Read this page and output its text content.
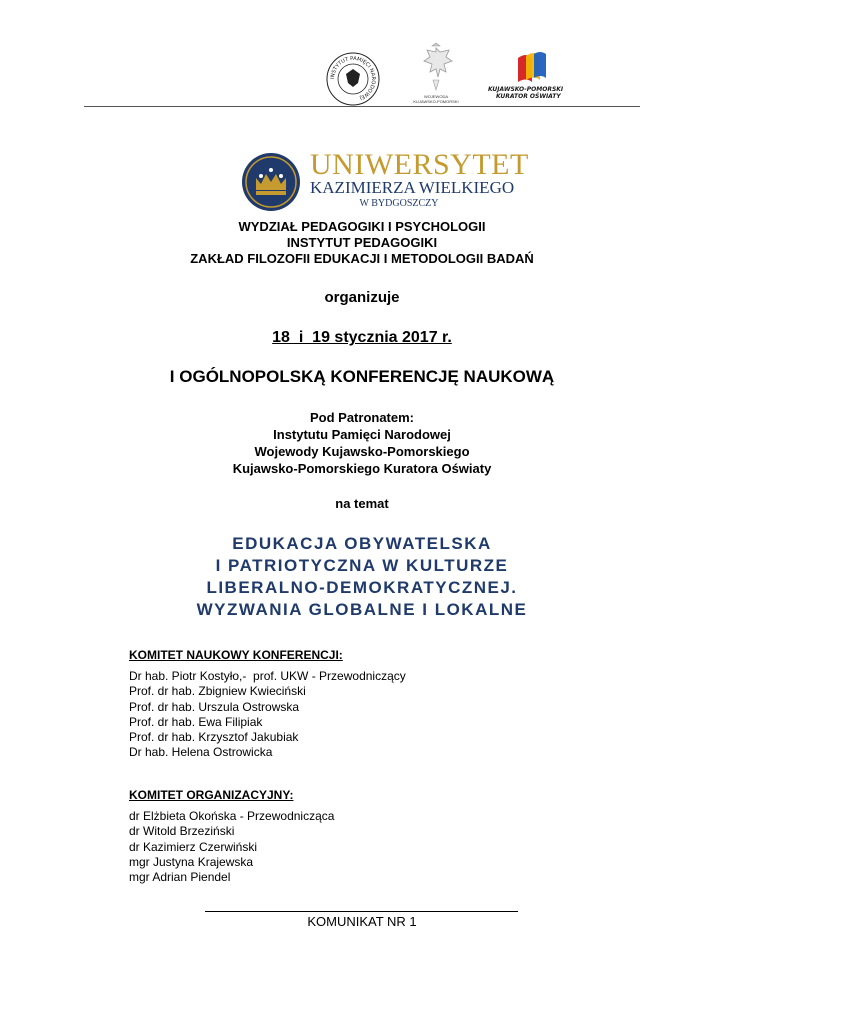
INSTYTUT PAMIĘCI NARODOWEJ	WOJEWODA
KUJAWSKO-POMORSKI
KUJAWSKO-POMORSKI
KURATOR OŚWIATY
UNIWERSYTET
KAZIMIERZA WIELKIEGO
W BYDGOSZCZY
WYDZIAŁ PEDAGOGIKI I PSYCHOLOGII
INSTYTUT PEDAGOGIKI
ZAKŁAD FILOZOFII EDUKACJI I METODOLOGII BADAŃ
organizuje
18  i  19 stycznia 2017 r.
I OGÓLNOPOLSKĄ KONFERENCJĘ NAUKOWĄ
Pod Patronatem:
Instytutu Pamięci Narodowej
Wojewody Kujawsko-Pomorskiego
Kujawsko-Pomorskiego Kuratora Oświaty
na temat
EDUKACJA OBYWATELSKA
I PATRIOTYCZNA W KULTURZE
LIBERALNO-DEMOKRATYCZNEJ.
WYZWANIA GLOBALNE I LOKALNE
KOMITET NAUKOWY KONFERENCJI:
Dr hab. Piotr Kostyło,-  prof. UKW - Przewodniczący
Prof. dr hab. Zbigniew Kwieciński
Prof. dr hab. Urszula Ostrowska
Prof. dr hab. Ewa Filipiak
Prof. dr hab. Krzysztof Jakubiak
Dr hab. Helena Ostrowicka
KOMITET ORGANIZACYJNY:
dr Elżbieta Okońska - Przewodnicząca
dr Witold Brzeziński
dr Kazimierz Czerwiński
mgr Justyna Krajewska
mgr Adrian Piendel
KOMUNIKAT NR 1
